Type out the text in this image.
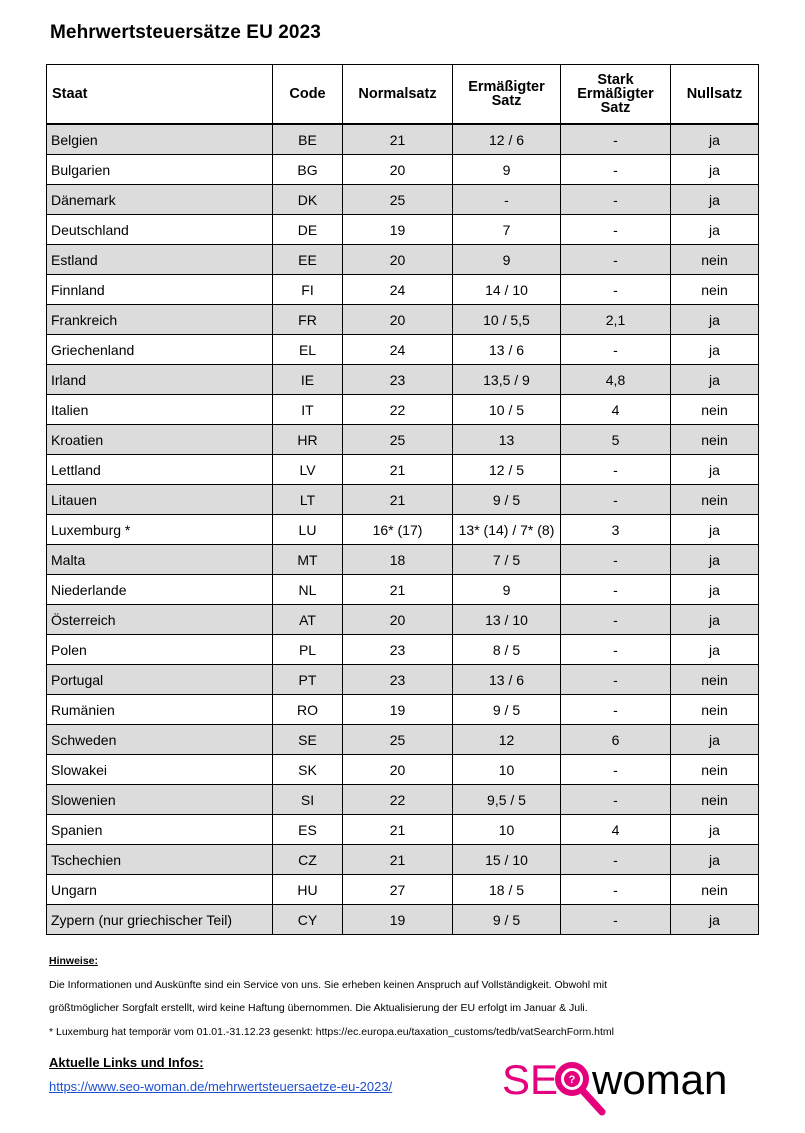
Mehrwertsteuersätze EU 2023
Staat	Code	Normalsatz	Ermäßigter Satz	Stark Ermäßigter Satz	Nullsatz
Belgien	BE	21	12 / 6	-	ja
Bulgarien	BG	20	9	-	ja
Dänemark	DK	25	-	-	ja
Deutschland	DE	19	7	-	ja
Estland	EE	20	9	-	nein
Finnland	FI	24	14 / 10	-	nein
Frankreich	FR	20	10 / 5,5	2,1	ja
Griechenland	EL	24	13 / 6	-	ja
Irland	IE	23	13,5 / 9	4,8	ja
Italien	IT	22	10 / 5	4	nein
Kroatien	HR	25	13	5	nein
Lettland	LV	21	12 / 5	-	ja
Litauen	LT	21	9 / 5	-	nein
Luxemburg *	LU	16* (17)	13* (14) / 7* (8)	3	ja
Malta	MT	18	7 / 5	-	ja
Niederlande	NL	21	9	-	ja
Österreich	AT	20	13 / 10	-	ja
Polen	PL	23	8 / 5	-	ja
Portugal	PT	23	13 / 6	-	nein
Rumänien	RO	19	9 / 5	-	nein
Schweden	SE	25	12	6	ja
Slowakei	SK	20	10	-	nein
Slowenien	SI	22	9,5 / 5	-	nein
Spanien	ES	21	10	4	ja
Tschechien	CZ	21	15 / 10	-	ja
Ungarn	HU	27	18 / 5	-	nein
Zypern (nur griechischer Teil)	CY	19	9 / 5	-	ja
Hinweise:
Die Informationen und Auskünfte sind ein Service von uns. Sie erheben keinen Anspruch auf Vollständigkeit. Obwohl mit
größtmöglicher Sorgfalt erstellt, wird keine Haftung übernommen. Die Aktualisierung der EU erfolgt im Januar & Juli.
* Luxemburg hat temporär vom 01.01.-31.12.23 gesenkt: https://ec.europa.eu/taxation_customs/tedb/vatSearchForm.html
Aktuelle Links und Infos:
https://www.seo-woman.de/mehrwertsteuersaetze-eu-2023/	SE ? woman
